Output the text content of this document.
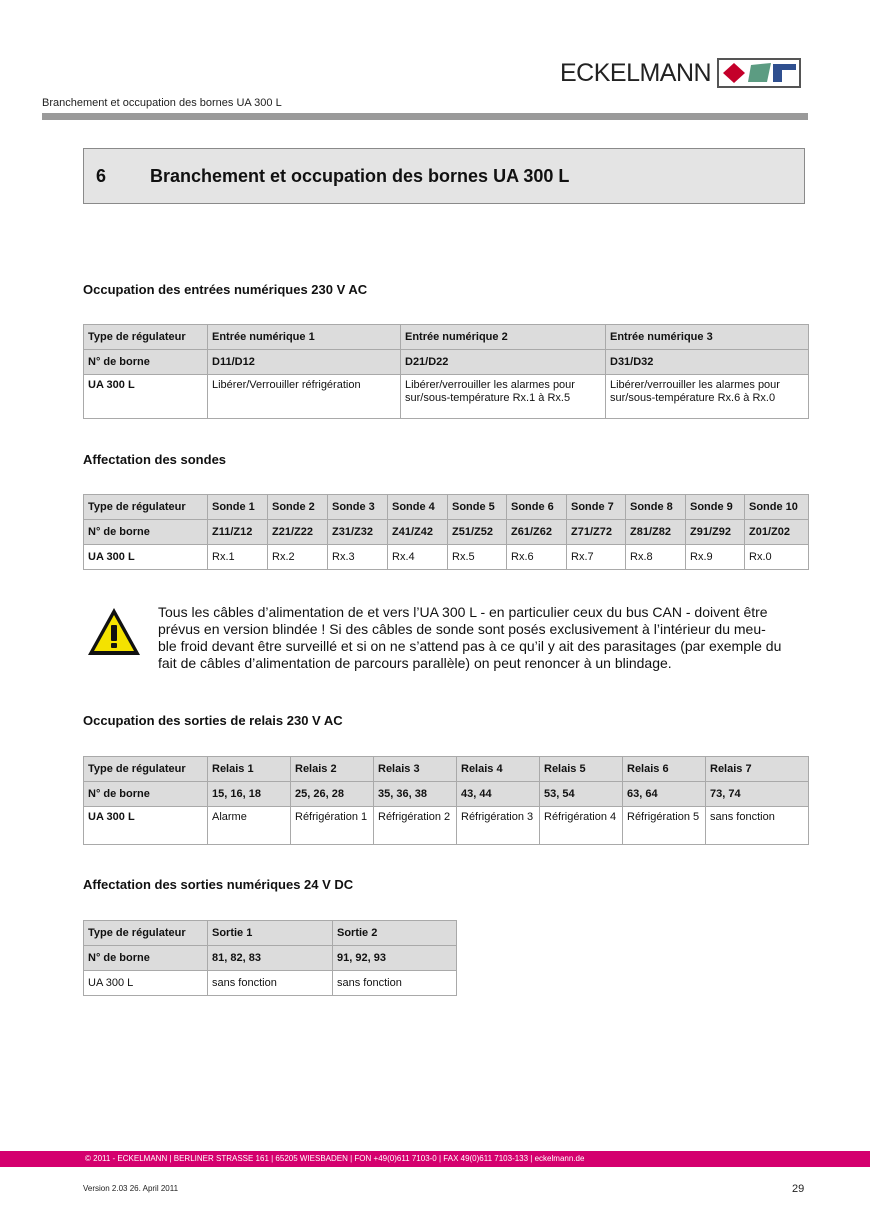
ECKELMANN
Branchement et occupation des bornes UA 300 L
6	Branchement et occupation des bornes UA 300 L
Occupation des entrées numériques 230 V AC
Type de régulateur	Entrée numérique 1	Entrée numérique 2	Entrée numérique 3
N° de borne	D11/D12	D21/D22	D31/D32
UA 300 L	Libérer/Verrouiller réfrigération	Libérer/verrouiller les alarmes pour sur/sous-température Rx.1 à Rx.5	Libérer/verrouiller les alarmes pour sur/sous-température Rx.6 à Rx.0
Affectation des sondes
Type de régulateur	Sonde 1	Sonde 2	Sonde 3	Sonde 4	Sonde 5	Sonde 6	Sonde 7	Sonde 8	Sonde 9	Sonde 10
N° de borne	Z11/Z12	Z21/Z22	Z31/Z32	Z41/Z42	Z51/Z52	Z61/Z62	Z71/Z72	Z81/Z82	Z91/Z92	Z01/Z02
UA 300 L	Rx.1	Rx.2	Rx.3	Rx.4	Rx.5	Rx.6	Rx.7	Rx.8	Rx.9	Rx.0
Tous les câbles d’alimentation de et vers l’UA 300 L - en particulier ceux du bus CAN - doivent être
prévus en version blindée ! Si des câbles de sonde sont posés exclusivement à l’intérieur du meu-
ble froid devant être surveillé et si on ne s’attend pas à ce qu’il y ait des parasitages (par exemple du
fait de câbles d’alimentation de parcours parallèle) on peut renoncer à un blindage.
Occupation des sorties de relais 230 V AC
Type de régulateur	Relais 1	Relais 2	Relais 3	Relais 4	Relais 5	Relais 6	Relais 7
N° de borne	15, 16, 18	25, 26, 28	35, 36, 38	43, 44	53, 54	63, 64	73, 74
UA 300 L	Alarme	Réfrigération 1	Réfrigération 2	Réfrigération 3	Réfrigération 4	Réfrigération 5	sans fonction
Affectation des sorties numériques 24 V DC
Type de régulateur	Sortie 1	Sortie 2
N° de borne	81, 82, 83	91, 92, 93
UA 300 L	sans fonction	sans fonction
© 2011 - ECKELMANN | BERLINER STRASSE 161 | 65205 WIESBADEN | FON +49(0)611 7103-0 | FAX 49(0)611 7103-133 | eckelmann.de
Version 2.03 26. April 2011	29
